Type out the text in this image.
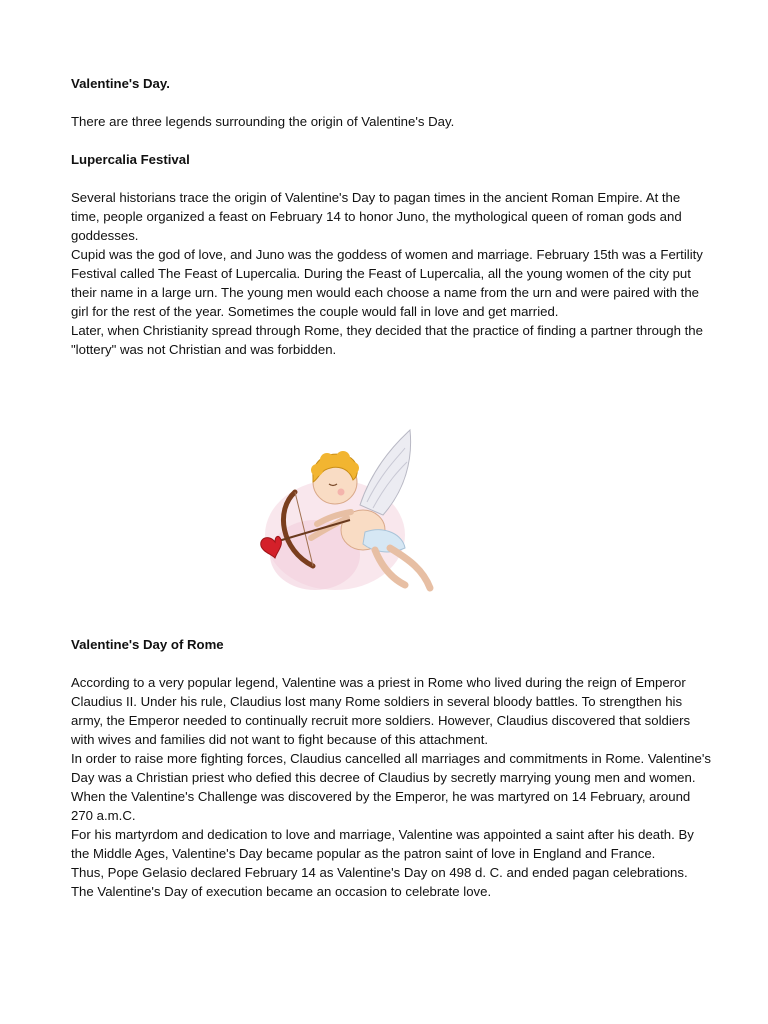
Valentine's Day.

There are three legends surrounding the origin of Valentine's Day.

Lupercalia Festival

Several historians trace the origin of Valentine's Day to pagan times in the ancient Roman Empire. At the time, people organized a feast on February 14 to honor Juno, the mythological queen of roman gods and goddesses.

Cupid was the god of love, and Juno was the goddess of women and marriage. February 15th was a Fertility Festival called The Feast of Lupercalia. During the Feast of Lupercalia, all the young women of the city put their name in a large urn. The young men would each choose a name from the urn and were paired with the girl for the rest of the year. Sometimes the couple would fall in love and get married.

Later, when Christianity spread through Rome, they decided that the practice of finding a partner through the "lottery" was not Christian and was forbidden.

Valentine's Day of Rome

According to a very popular legend, Valentine was a priest in Rome who lived during the reign of Emperor Claudius II. Under his rule, Claudius lost many Rome soldiers in several bloody battles. To strengthen his army, the Emperor needed to continually recruit more soldiers. However, Claudius discovered that soldiers with wives and families did not want to fight because of this attachment.

In order to raise more fighting forces, Claudius cancelled all marriages and commitments in Rome. Valentine's Day was a Christian priest who defied this decree of Claudius by secretly marrying young men and women. When the Valentine's Challenge was discovered by the Emperor, he was martyred on 14 February, around 270 a.m.C.

For his martyrdom and dedication to love and marriage, Valentine was appointed a saint after his death. By the Middle Ages, Valentine's Day became popular as the patron saint of love in England and France.

Thus, Pope Gelasio declared February 14 as Valentine's Day on 498 d. C. and ended pagan celebrations. The Valentine's Day of execution became an occasion to celebrate love.
